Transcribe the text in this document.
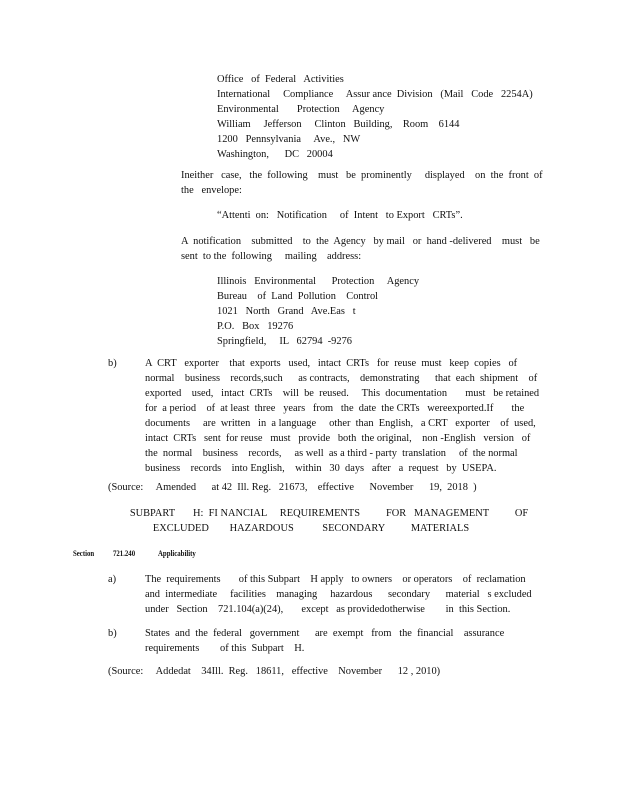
Office   of  Federal   Activities
International     Compliance     Assur ance  Division   (Mail   Code   2254A)
Environmental       Protection     Agency
William     Jefferson     Clinton   Building,    Room    6144
1200   Pennsylvania     Ave.,   NW
Washington,      DC   20004
Ineither   case,   the  following    must   be  prominently     displayed    on  the  front  of
the   envelope:
“Attenti  on:   Notification     of  Intent   to Export   CRTs”.
A  notification    submitted    to  the  Agency   by mail   or  hand -delivered    must   be
sent  to the  following     mailing    address:
Illinois   Environmental      Protection     Agency
Bureau    of  Land  Pollution    Control
1021   North   Grand   Ave.Eas   t
P.O.   Box   19276
Springfield,     IL   62794  -9276
b)	A  CRT   exporter    that  exports   used,   intact  CRTs   for  reuse  must   keep  copies   of
normal    business    records,such      as contracts,    demonstrating      that  each  shipment    of
exported    used,   intact  CRTs    will  be  reused.     This  documentation       must   be retained
for  a period    of  at least  three   years   from   the  date  the CRTs   wereexported.If       the
documents     are  written   in  a language     other  than  English,   a CRT   exporter    of  used,
intact  CRTs   sent  for reuse   must   provide   both  the original,    non -English   version   of
the  normal    business    records,     as well  as a third - party  translation     of  the normal
business    records    into English,    within   30  days   after   a  request   by  USEPA.
(Source:     Amended      at 42  Ill. Reg.   21673,    effective      November      19,  2018  )
SUBPART       H:  FI NANCIAL     REQUIREMENTS          FOR   MANAGEMENT          OF
EXCLUDED        HAZARDOUS           SECONDARY          MATERIALS
Section 721.240	Applicability
a)	The  requirements       of this Subpart    H apply   to owners    or operators    of  reclamation
and  intermediate     facilities    managing     hazardous      secondary      material   s excluded
under   Section    721.104(a)(24),       except   as providedotherwise        in  this Section.
b)	States  and  the  federal   government      are  exempt   from   the  financial    assurance
requirements        of this  Subpart    H.
(Source:     Addedat    34Ill.  Reg.   18611,   effective    November      12 , 2010)
